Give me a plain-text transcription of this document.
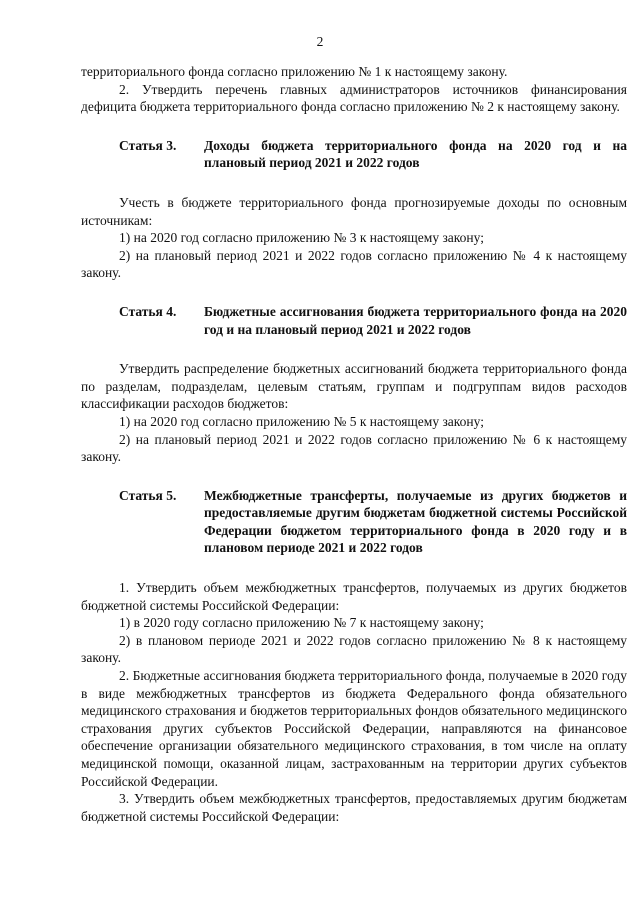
2

территориального фонда согласно приложению № 1 к настоящему закону.

2. Утвердить перечень главных администраторов источников финансирования дефицита бюджета территориального фонда согласно приложению № 2 к настоящему закону.

Статья 3.	Доходы бюджета территориального фонда на 2020 год и на плановый период 2021 и 2022 годов

Учесть в бюджете территориального фонда прогнозируемые доходы по основным источникам:

1) на 2020 год согласно приложению № 3 к настоящему закону;

2) на плановый период 2021 и 2022 годов согласно приложению № 4 к настоящему закону.

Статья 4.	Бюджетные ассигнования бюджета территориального фонда на 2020 год и на плановый период 2021 и 2022 годов

Утвердить распределение бюджетных ассигнований бюджета территориального фонда по разделам, подразделам, целевым статьям, группам и подгруппам видов расходов классификации расходов бюджетов:

1) на 2020 год согласно приложению № 5 к настоящему закону;

2) на плановый период 2021 и 2022 годов согласно приложению № 6 к настоящему закону.

Статья 5.	Межбюджетные трансферты, получаемые из других бюджетов и предоставляемые другим бюджетам бюджетной системы Российской Федерации бюджетом территориального фонда в 2020 году и в плановом периоде 2021 и 2022 годов

1. Утвердить объем межбюджетных трансфертов, получаемых из других бюджетов бюджетной системы Российской Федерации:

1) в 2020 году согласно приложению № 7 к настоящему закону;

2) в плановом периоде 2021 и 2022 годов согласно приложению № 8 к настоящему закону.

2. Бюджетные ассигнования бюджета территориального фонда, получаемые в 2020 году в виде межбюджетных трансфертов из бюджета Федерального фонда обязательного медицинского страхования и бюджетов территориальных фондов обязательного медицинского страхования других субъектов Российской Федерации, направляются на финансовое обеспечение организации обязательного медицинского страхования, в том числе на оплату медицинской помощи, оказанной лицам, застрахованным на территории других субъектов Российской Федерации.

3. Утвердить объем межбюджетных трансфертов, предоставляемых другим бюджетам бюджетной системы Российской Федерации:
